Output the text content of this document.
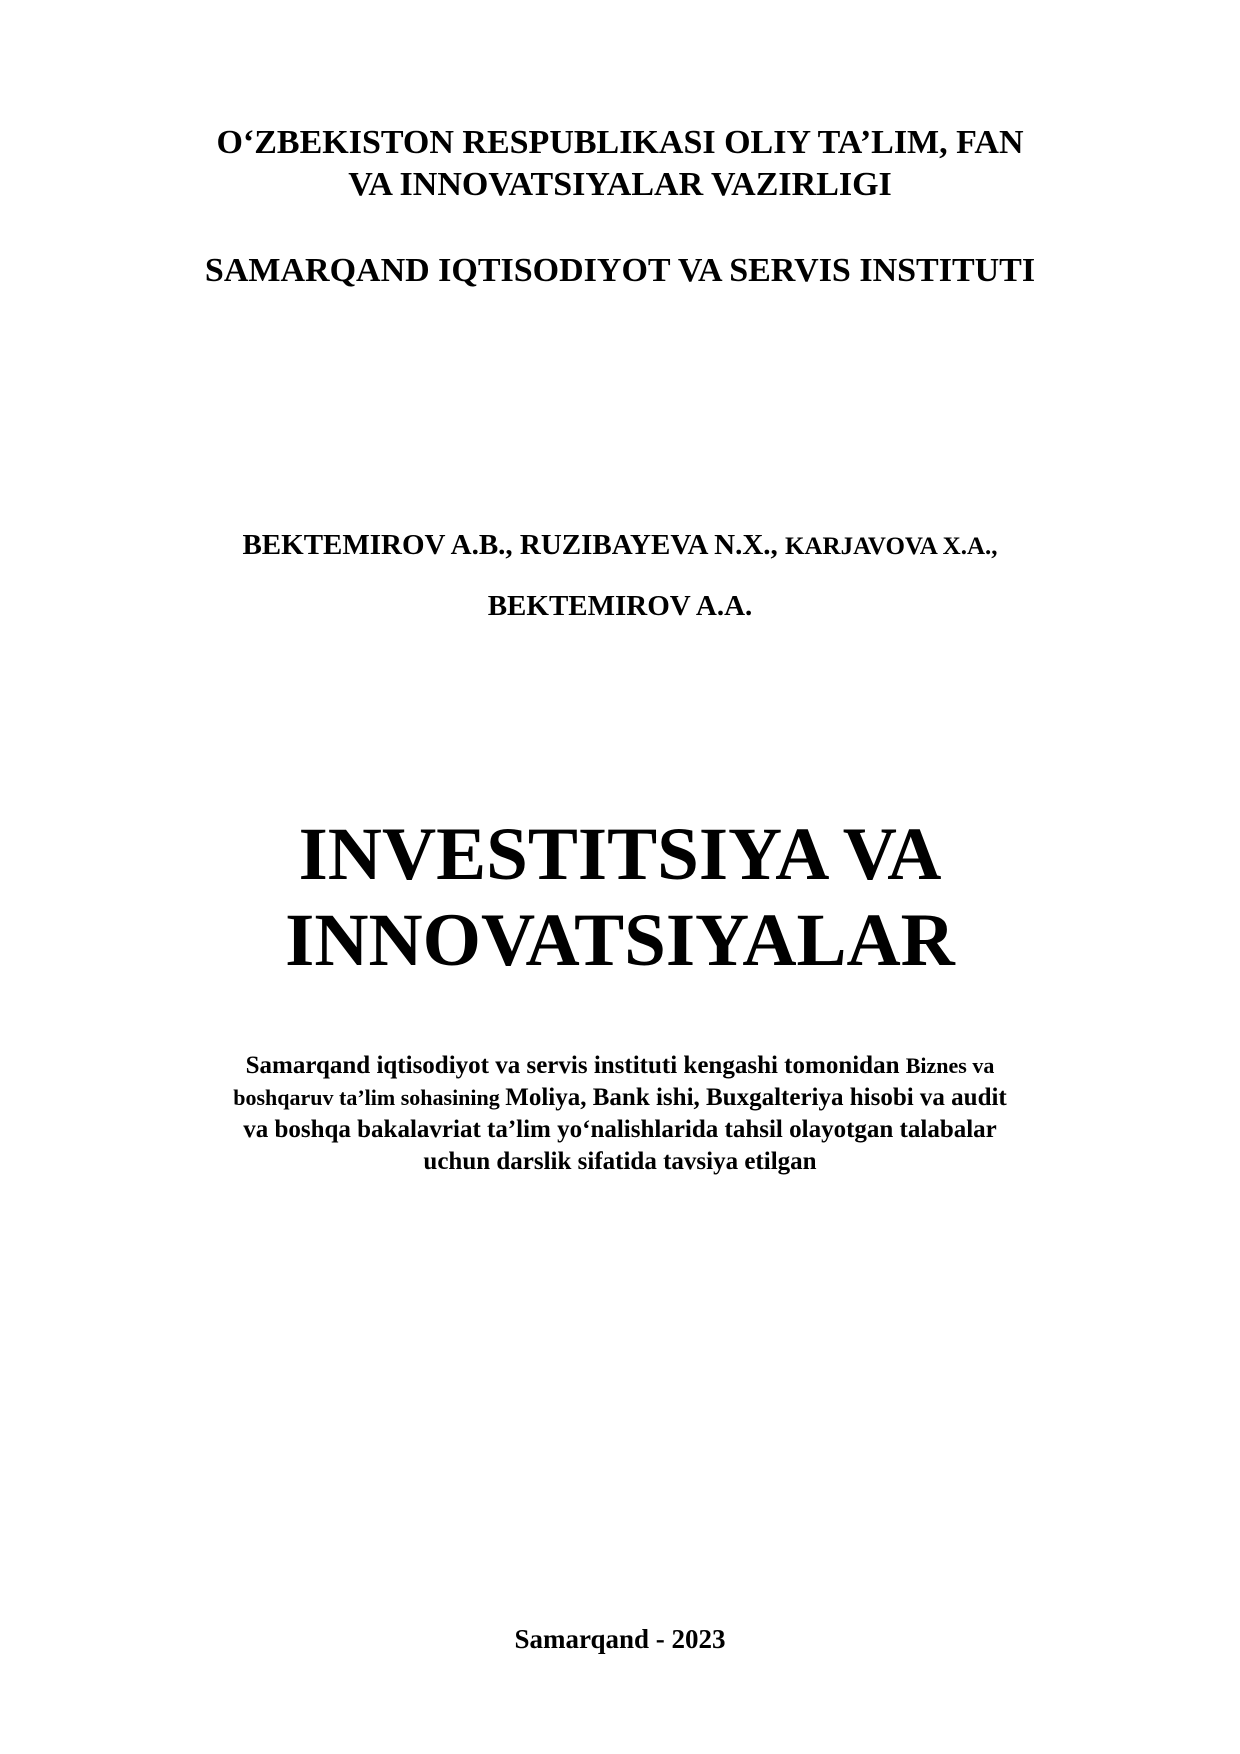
O‘ZBEKISTON RESPUBLIKASI OLIY TA’LIM, FAN
VA INNOVATSIYALAR VAZIRLIGI
SAMARQAND IQTISODIYOT VA SERVIS INSTITUTI
BEKTEMIROV A.B., RUZIBAYEVA N.X., KARJAVOVA X.A.,
BEKTEMIROV A.A.
INVESTITSIYA VA
INNOVATSIYALAR
Samarqand iqtisodiyot va servis instituti kengashi tomonidan Biznes va
boshqaruv ta’lim sohasining Moliya, Bank ishi, Buxgalteriya hisobi va audit
va boshqa bakalavriat ta’lim yo‘nalishlarida tahsil olayotgan talabalar
uchun darslik sifatida tavsiya etilgan
Samarqand - 2023
